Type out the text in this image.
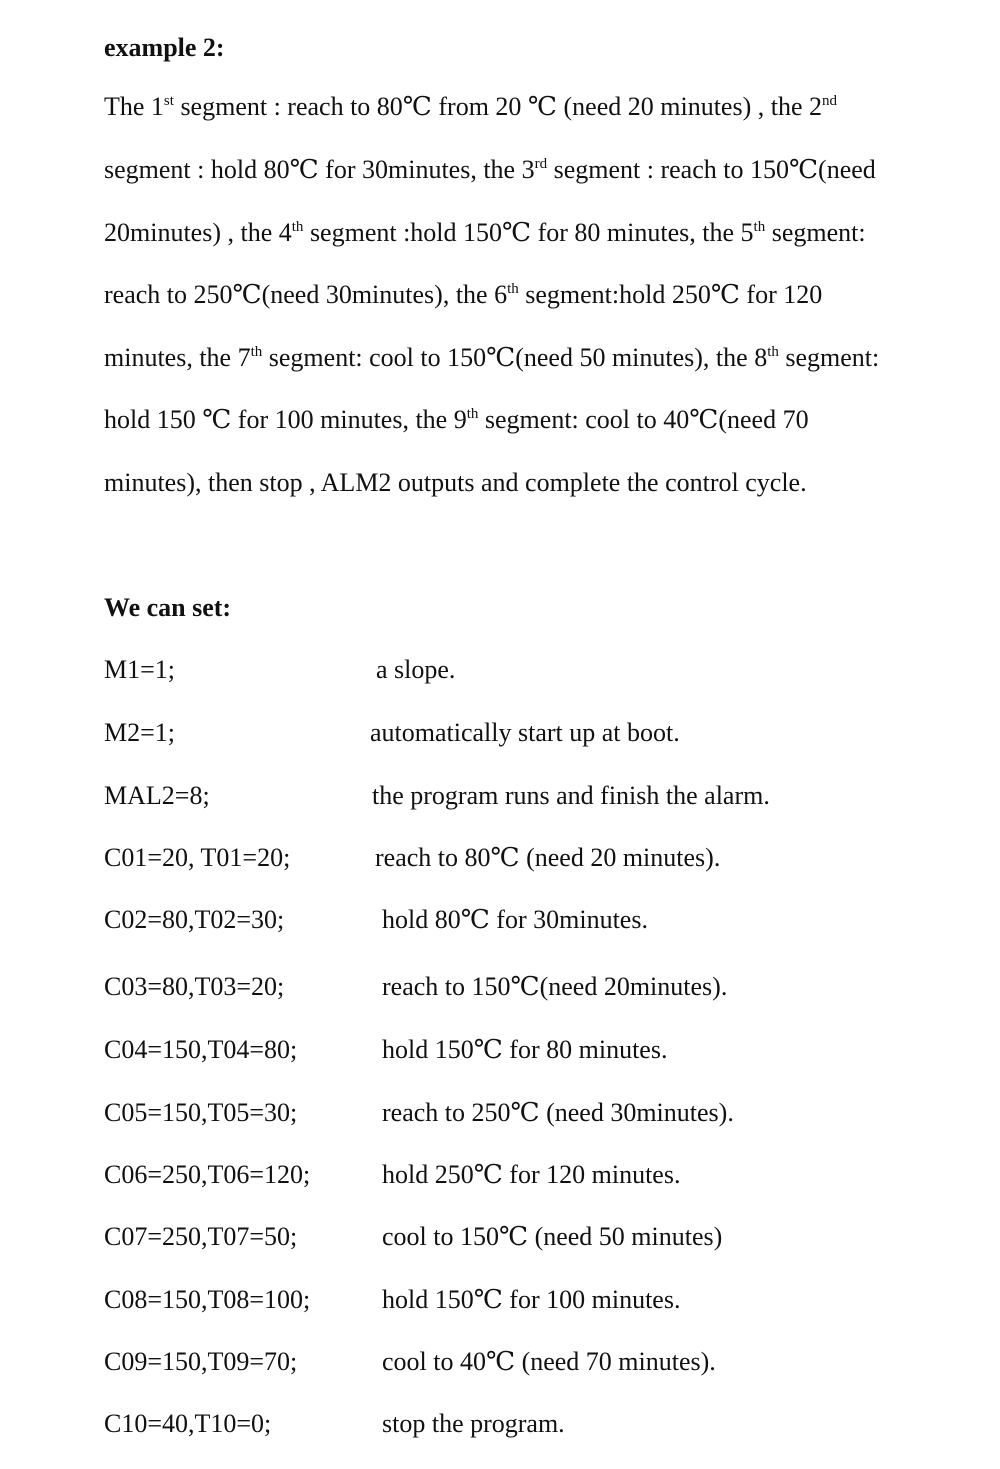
example 2:
The 1st segment : reach to 80℃ from 20 ℃ (need 20 minutes) , the 2nd
segment : hold 80℃ for 30minutes, the 3rd segment : reach to 150℃(need
20minutes) , the 4th segment :hold 150℃ for 80 minutes, the 5th segment:
reach to 250℃(need 30minutes), the 6th segment:hold 250℃ for 120
minutes, the 7th segment: cool to 150℃(need 50 minutes), the 8th segment:
hold 150 ℃ for 100 minutes, the 9th segment: cool to 40℃(need 70
minutes), then stop , ALM2 outputs and complete the control cycle.
We can set:
M1=1;	a slope.
M2=1;	automatically start up at boot.
MAL2=8;	the program runs and finish the alarm.
C01=20, T01=20;	reach to 80℃ (need 20 minutes).
C02=80,T02=30;	hold 80℃ for 30minutes.
C03=80,T03=20;	reach to 150℃(need 20minutes).
C04=150,T04=80;	hold 150℃ for 80 minutes.
C05=150,T05=30;	reach to 250℃ (need 30minutes).
C06=250,T06=120;	hold 250℃ for 120 minutes.
C07=250,T07=50;	cool to 150℃ (need 50 minutes)
C08=150,T08=100;	hold 150℃ for 100 minutes.
C09=150,T09=70;	cool to 40℃ (need 70 minutes).
C10=40,T10=0;	stop the program.
